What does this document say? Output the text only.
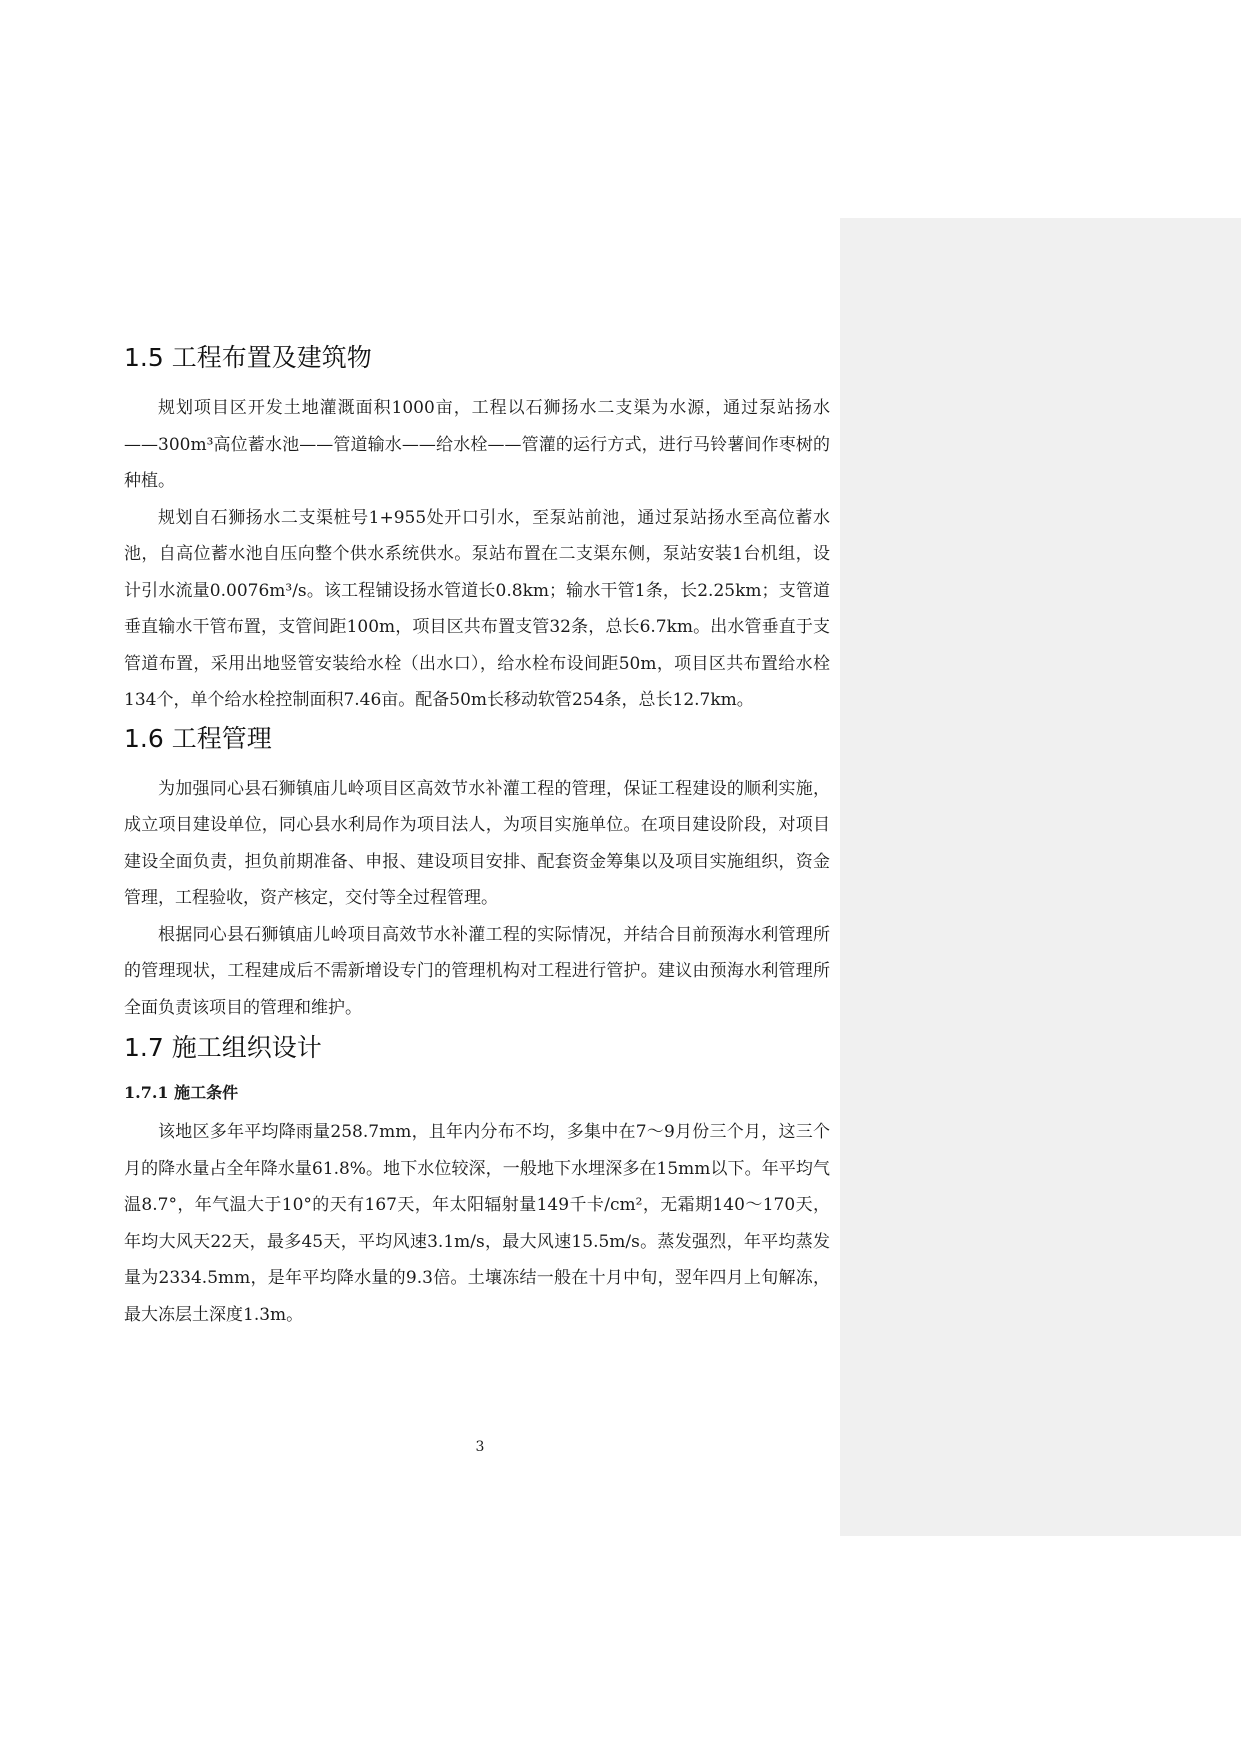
1.5 工程布置及建筑物

规划项目区开发土地灌溉面积1000亩，工程以石狮扬水二支渠为水源，通过泵站扬水——300m³高位蓄水池——管道输水——给水栓——管灌的运行方式，进行马铃薯间作枣树的种植。

规划自石狮扬水二支渠桩号1+955处开口引水，至泵站前池，通过泵站扬水至高位蓄水池，自高位蓄水池自压向整个供水系统供水。泵站布置在二支渠东侧，泵站安装1台机组，设计引水流量0.0076m³/s。该工程铺设扬水管道长0.8km；输水干管1条，长2.25km；支管道垂直输水干管布置，支管间距100m，项目区共布置支管32条，总长6.7km。出水管垂直于支管道布置，采用出地竖管安装给水栓（出水口），给水栓布设间距50m，项目区共布置给水栓134个，单个给水栓控制面积7.46亩。配备50m长移动软管254条，总长12.7km。

1.6 工程管理

为加强同心县石狮镇庙儿岭项目区高效节水补灌工程的管理，保证工程建设的顺利实施，成立项目建设单位，同心县水利局作为项目法人，为项目实施单位。在项目建设阶段，对项目建设全面负责，担负前期准备、申报、建设项目安排、配套资金筹集以及项目实施组织，资金管理，工程验收，资产核定，交付等全过程管理。

根据同心县石狮镇庙儿岭项目高效节水补灌工程的实际情况，并结合目前预海水利管理所的管理现状，工程建成后不需新增设专门的管理机构对工程进行管护。建议由预海水利管理所全面负责该项目的管理和维护。

1.7 施工组织设计
1.7.1 施工条件

该地区多年平均降雨量258.7mm，且年内分布不均，多集中在7～9月份三个月，这三个月的降水量占全年降水量61.8%。地下水位较深，一般地下水埋深多在15mm以下。年平均气温8.7°，年气温大于10°的天有167天，年太阳辐射量149千卡/cm²，无霜期140～170天，年均大风天22天，最多45天，平均风速3.1m/s，最大风速15.5m/s。蒸发强烈，年平均蒸发量为2334.5mm，是年平均降水量的9.3倍。土壤冻结一般在十月中旬，翌年四月上旬解冻，最大冻层土深度1.3m。

3
